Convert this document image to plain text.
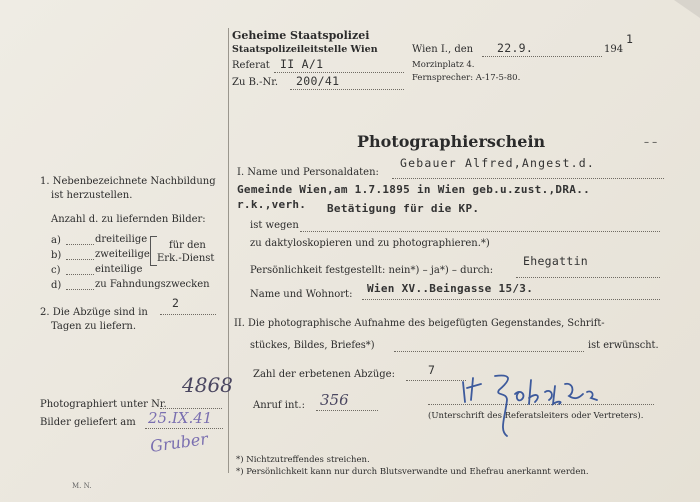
Geheime Staatspolizei
Staatspolizeileitstelle Wien
Referat II A/1
Zu B.-Nr. 200/41
Wien I., den 22.9.	194
1
Morzinplatz 4.
Fernsprecher: A-17-5-80.
Photographierschein	– –
I. Name und Personaldaten:
Gebauer Alfred,Angest.d.
Gemeinde Wien,am 1.7.1895 in Wien geb.u.zust.,DRA..
r.k.,verh. Betätigung für die KP.
ist wegen
zu daktyloskopieren und zu photographieren.*)
Persönlichkeit festgestellt: nein*) – ja*) – durch:
Ehegattin
Name und Wohnort: Wien XV..Beingasse 15/3.
II. Die photographische Aufnahme des beigefügten Gegenstandes, Schrift-
stückes, Bildes, Briefes*)	ist erwünscht.
Zahl der erbetenen Abzüge:	7
Anruf int.: 356
(Unterschrift des Referatsleiters oder Vertreters).
1. Nebenbezeichnete Nachbildung
ist herzustellen.
Anzahl d. zu liefernden Bilder:
a)	dreiteilige
b)	zweiteilige
c)	einteilige
d)	zu Fahndungszwecken
für den
Erk.-Dienst
2. Die Abzüge sind in
2
Tagen zu liefern.
Photographiert unter Nr.
4868
Bilder geliefert am 25.IX.41
Gruber
M. N.
*) Nichtzutreffendes streichen.
*) Persönlichkeit kann nur durch Blutsverwandte und Ehefrau anerkannt werden.
